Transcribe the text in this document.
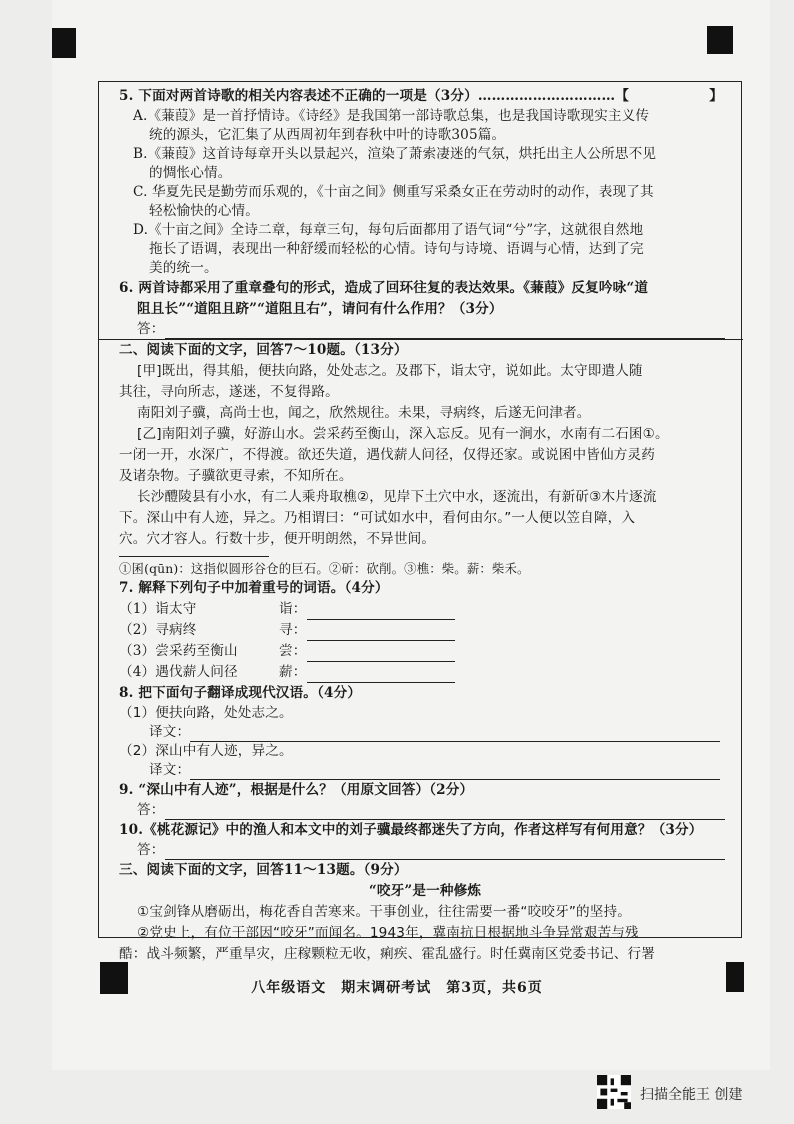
5. 下面对两首诗歌的相关内容表述不正确的一项是（3分）…………………………【	】
A.《蒹葭》是一首抒情诗。《诗经》是我国第一部诗歌总集，也是我国诗歌现实主义传
统的源头，它汇集了从西周初年到春秋中叶的诗歌305篇。
B.《蒹葭》这首诗每章开头以景起兴，渲染了萧索凄迷的气氛，烘托出主人公所思不见
的惆怅心情。
C. 华夏先民是勤劳而乐观的，《十亩之间》侧重写采桑女正在劳动时的动作，表现了其
轻松愉快的心情。
D.《十亩之间》全诗二章，每章三句，每句后面都用了语气词“兮”字，这就很自然地
拖长了语调，表现出一种舒缓而轻松的心情。诗句与诗境、语调与心情，达到了完
美的统一。
6. 两首诗都采用了重章叠句的形式，造成了回环往复的表达效果。《蒹葭》反复吟咏“道
阻且长”“道阻且跻”“道阻且右”，请问有什么作用？（3分）
答：
二、阅读下面的文字，回答7～10题。（13分）
[甲]既出，得其船，便扶向路，处处志之。及郡下，诣太守，说如此。太守即遣人随
其往，寻向所志，遂迷，不复得路。
南阳刘子骥，高尚士也，闻之，欣然规往。未果，寻病终，后遂无问津者。
[乙]南阳刘子骥，好游山水。尝采药至衡山，深入忘反。见有一涧水，水南有二石囷①。
一闭一开，水深广，不得渡。欲还失道，遇伐薪人问径，仅得还家。或说囷中皆仙方灵药
及诸杂物。子骥欲更寻索，不知所在。
长沙醴陵县有小水，有二人乘舟取樵②，见岸下土穴中水，逐流出，有新斫③木片逐流
下。深山中有人迹，异之。乃相谓曰：“可试如水中，看何由尔。”一人便以笠自障，入
穴。穴才容人。行数十步，便开明朗然，不异世间。
①囷(qūn)：这指似圆形谷仓的巨石。②斫：砍削。③樵：柴。薪：柴禾。
7. 解释下列句子中加着重号的词语。（4分）
（1）诣太守	诣：
（2）寻病终	寻：
（3）尝采药至衡山	尝：
（4）遇伐薪人问径	薪：
8. 把下面句子翻译成现代汉语。（4分）
（1）便扶向路，处处志之。
译文：
（2）深山中有人迹，异之。
译文：
9. “深山中有人迹”，根据是什么？（用原文回答）（2分）
答：
10.《桃花源记》中的渔人和本文中的刘子骥最终都迷失了方向，作者这样写有何用意？（3分）
答：
三、阅读下面的文字，回答11～13题。（9分）
“咬牙”是一种修炼
①宝剑锋从磨砺出，梅花香自苦寒来。干事创业，往往需要一番“咬咬牙”的坚持。
②党史上，有位干部因“咬牙”而闻名。1943年，冀南抗日根据地斗争异常艰苦与残
酷：战斗频繁，严重旱灾，庄稼颗粒无收，痢疾、霍乱盛行。时任冀南区党委书记、行署
八年级语文　期末调研考试　第3页，共6页
扫描全能王 创建
